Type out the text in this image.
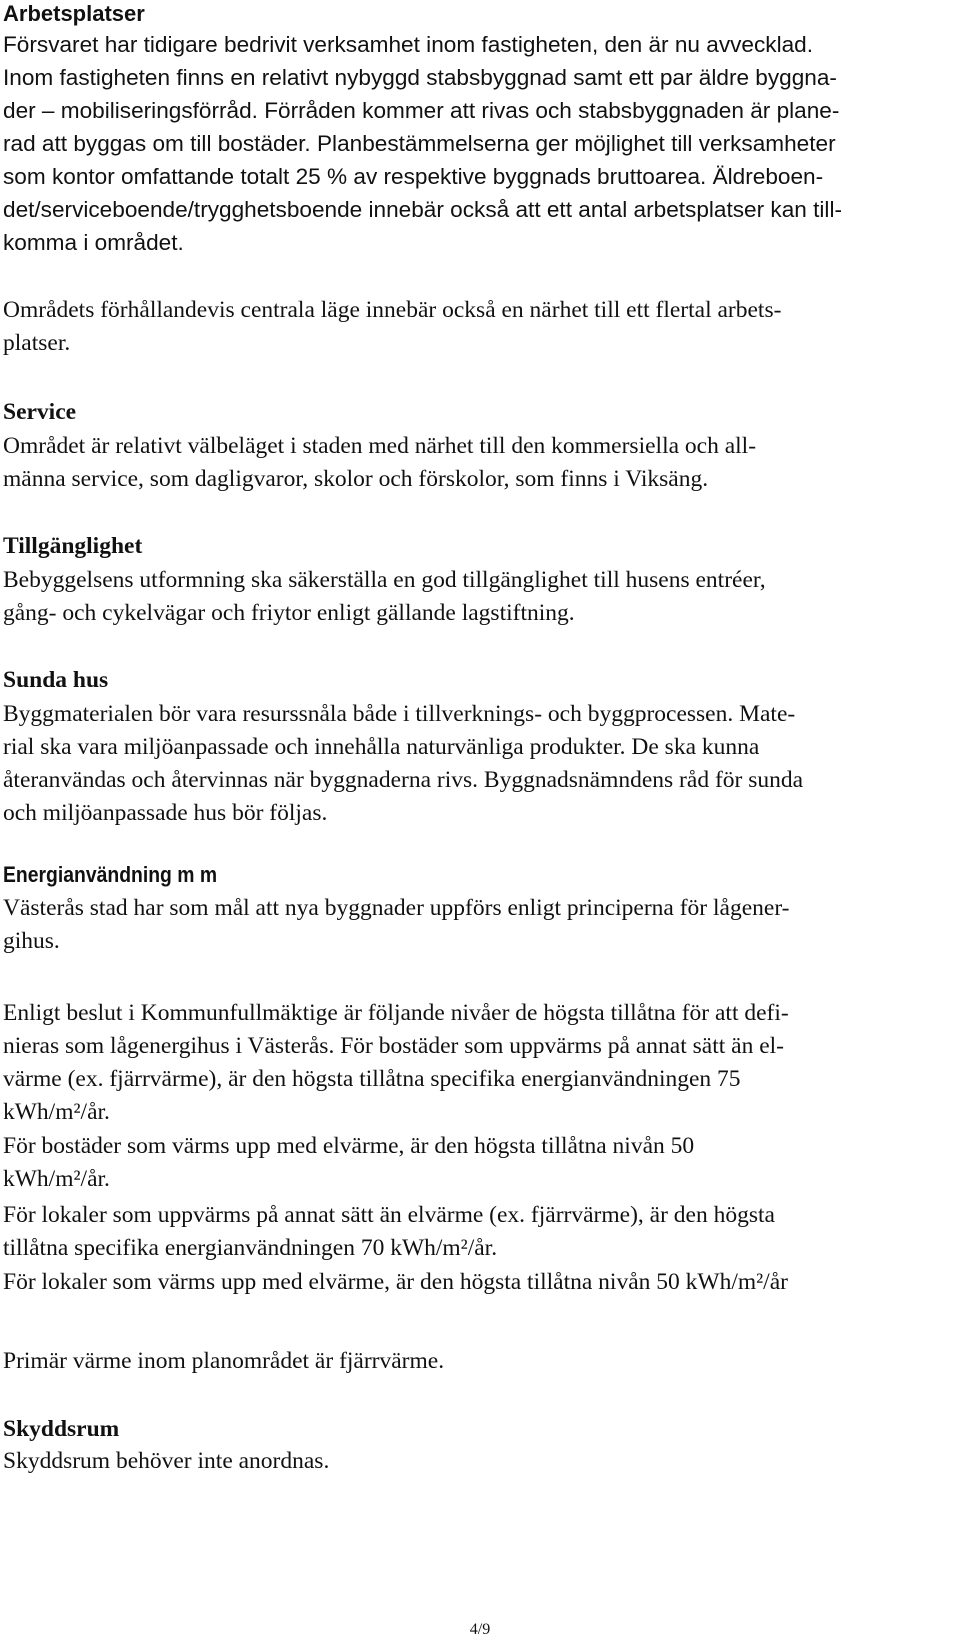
Arbetsplatser
Försvaret har tidigare bedrivit verksamhet inom fastigheten, den är nu avvecklad.
Inom fastigheten finns en relativt nybyggd stabsbyggnad samt ett par äldre byggna-
der – mobiliseringsförråd. Förråden kommer att rivas och stabsbyggnaden är plane-
rad att byggas om till bostäder. Planbestämmelserna ger möjlighet till verksamheter
som kontor omfattande totalt 25 % av respektive byggnads bruttoarea. Äldreboen-
det/serviceboende/trygghetsboende innebär också att ett antal arbetsplatser kan till-
komma i området.
Områdets förhållandevis centrala läge innebär också en närhet till ett flertal arbets-
platser.
Service
Området är relativt välbeläget i staden med närhet till den kommersiella och all-
männa service, som dagligvaror, skolor och förskolor, som finns i Viksäng.
Tillgänglighet
Bebyggelsens utformning ska säkerställa en god tillgänglighet till husens entréer,
gång- och cykelvägar och friytor enligt gällande lagstiftning.
Sunda hus
Byggmaterialen bör vara resurssnåla både i tillverknings- och byggprocessen. Mate-
rial ska vara miljöanpassade och innehålla naturvänliga produkter. De ska kunna
återanvändas och återvinnas när byggnaderna rivs. Byggnadsnämndens råd för sunda
och miljöanpassade hus bör följas.
Energianvändning m m
Västerås stad har som mål att nya byggnader uppförs enligt principerna för lågener-
gihus.
Enligt beslut i Kommunfullmäktige är följande nivåer de högsta tillåtna för att defi-
nieras som lågenergihus i Västerås. För bostäder som uppvärms på annat sätt än el-
värme (ex. fjärrvärme), är den högsta tillåtna specifika energianvändningen 75
kWh/m²/år.
För bostäder som värms upp med elvärme, är den högsta tillåtna nivån 50
kWh/m²/år.
För lokaler som uppvärms på annat sätt än elvärme (ex. fjärrvärme), är den högsta
tillåtna specifika energianvändningen 70 kWh/m²/år.
För lokaler som värms upp med elvärme, är den högsta tillåtna nivån 50 kWh/m²/år
Primär värme inom planområdet är fjärrvärme.
Skyddsrum
Skyddsrum behöver inte anordnas.
4/9
